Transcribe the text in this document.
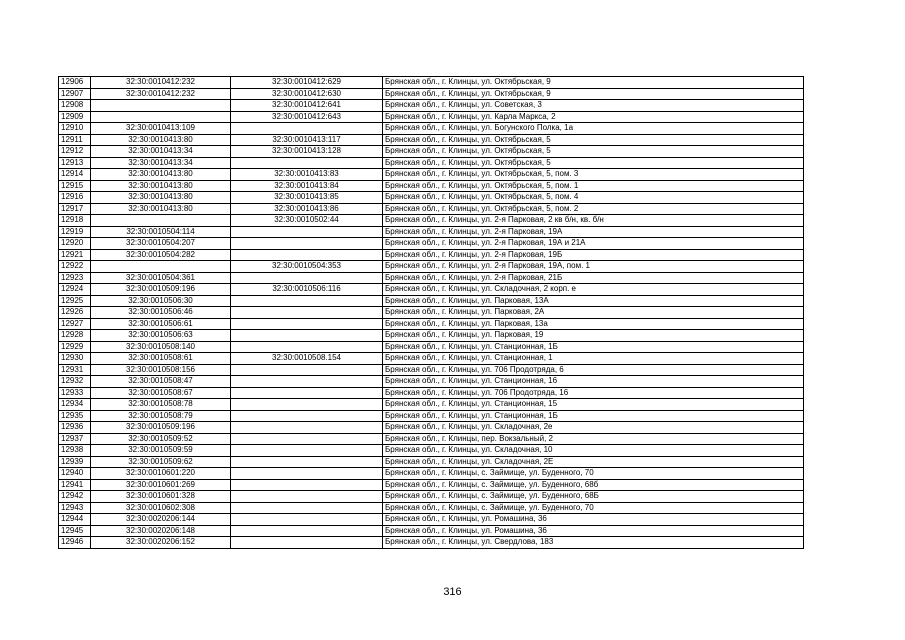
12906	32:30:0010412:232	32:30:0010412:629	Брянская обл., г. Клинцы, ул. Октябрьская, 9
12907	32:30:0010412:232	32:30:0010412:630	Брянская обл., г. Клинцы, ул. Октябрьская, 9
12908		32:30:0010412:641	Брянская обл., г. Клинцы, ул. Советская, 3
12909		32:30:0010412:643	Брянская обл., г. Клинцы, ул. Карла Маркса, 2
12910	32:30:0010413:109		Брянская обл., г. Клинцы, ул. Богунского Полка, 1а
12911	32:30:0010413:80	32:30:0010413:117	Брянская обл., г. Клинцы, ул. Октябрьская, 5
12912	32:30:0010413:34	32:30:0010413:128	Брянская обл., г. Клинцы, ул. Октябрьская, 5
12913	32:30:0010413:34		Брянская обл., г. Клинцы, ул. Октябрьская, 5
12914	32:30:0010413:80	32:30:0010413:83	Брянская обл., г. Клинцы, ул. Октябрьская, 5, пом. 3
12915	32:30:0010413:80	32:30:0010413:84	Брянская обл., г. Клинцы, ул. Октябрьская, 5, пом. 1
12916	32:30:0010413:80	32:30:0010413:85	Брянская обл., г. Клинцы, ул. Октябрьская, 5, пом. 4
12917	32:30:0010413:80	32:30:0010413:86	Брянская обл., г. Клинцы, ул. Октябрьская, 5, пом. 2
12918		32:30:0010502:44	Брянская обл., г. Клинцы, ул. 2-я Парковая, 2 кв б/н, кв. б/н
12919	32:30:0010504:114		Брянская обл., г. Клинцы, ул. 2-я Парковая, 19А
12920	32:30:0010504:207		Брянская обл., г. Клинцы, ул. 2-я Парковая, 19А и 21А
12921	32:30:0010504:282		Брянская обл., г. Клинцы, ул. 2-я Парковая, 19Б
12922		32:30:0010504:353	Брянская обл., г. Клинцы, ул. 2-я Парковая, 19А, пом. 1
12923	32:30:0010504:361		Брянская обл., г. Клинцы, ул. 2-я Парковая, 21Б
12924	32:30:0010509:196	32:30:0010506:116	Брянская обл., г. Клинцы, ул. Складочная, 2 корп. е
12925	32:30:0010506:30		Брянская обл., г. Клинцы, ул. Парковая, 13А
12926	32:30:0010506:46		Брянская обл., г. Клинцы, ул. Парковая, 2А
12927	32:30:0010506:61		Брянская обл., г. Клинцы, ул. Парковая, 13а
12928	32:30:0010506:63		Брянская обл., г. Клинцы, ул. Парковая, 19
12929	32:30:0010508:140		Брянская обл., г. Клинцы, ул. Станционная, 1Б
12930	32:30:0010508:61	32:30:0010508.154	Брянская обл., г. Клинцы, ул. Станционная, 1
12931	32:30:0010508:156		Брянская обл., г. Клинцы, ул. 706 Продотряда, 6
12932	32:30:0010508:47		Брянская обл., г. Клинцы, ул. Станционная, 16
12933	32:30:0010508:67		Брянская обл., г. Клинцы, ул. 706 Продотряда, 16
12934	32:30:0010508:78		Брянская обл., г. Клинцы, ул. Станционная, 15
12935	32:30:0010508:79		Брянская обл., г. Клинцы, ул. Станционная, 1Б
12936	32:30:0010509:196		Брянская обл., г. Клинцы, ул. Складочная, 2е
12937	32:30:0010509:52		Брянская обл., г. Клинцы, пер. Вокзальный, 2
12938	32:30:0010509:59		Брянская обл., г. Клинцы, ул. Складочная, 10
12939	32:30:0010509:62		Брянская обл., г. Клинцы, ул. Складочная, 2Е
12940	32:30:0010601:220		Брянская обл., г. Клинцы, с. Займище, ул. Буденного, 70
12941	32:30:0010601:269		Брянская обл., г. Клинцы, с. Займище, ул. Буденного, 68б
12942	32:30:0010601:328		Брянская обл., г. Клинцы, с. Займище, ул. Буденного, 68Б
12943	32:30:0010602:308		Брянская обл., г. Клинцы, с. Займище, ул. Буденного, 70
12944	32:30:0020206:144		Брянская обл., г. Клинцы, ул. Ромашина, 36
12945	32:30:0020206:148		Брянская обл., г. Клинцы, ул. Ромашина, 36
12946	32:30:0020206:152		Брянская обл., г. Клинцы, ул. Свердлова, 183
316
